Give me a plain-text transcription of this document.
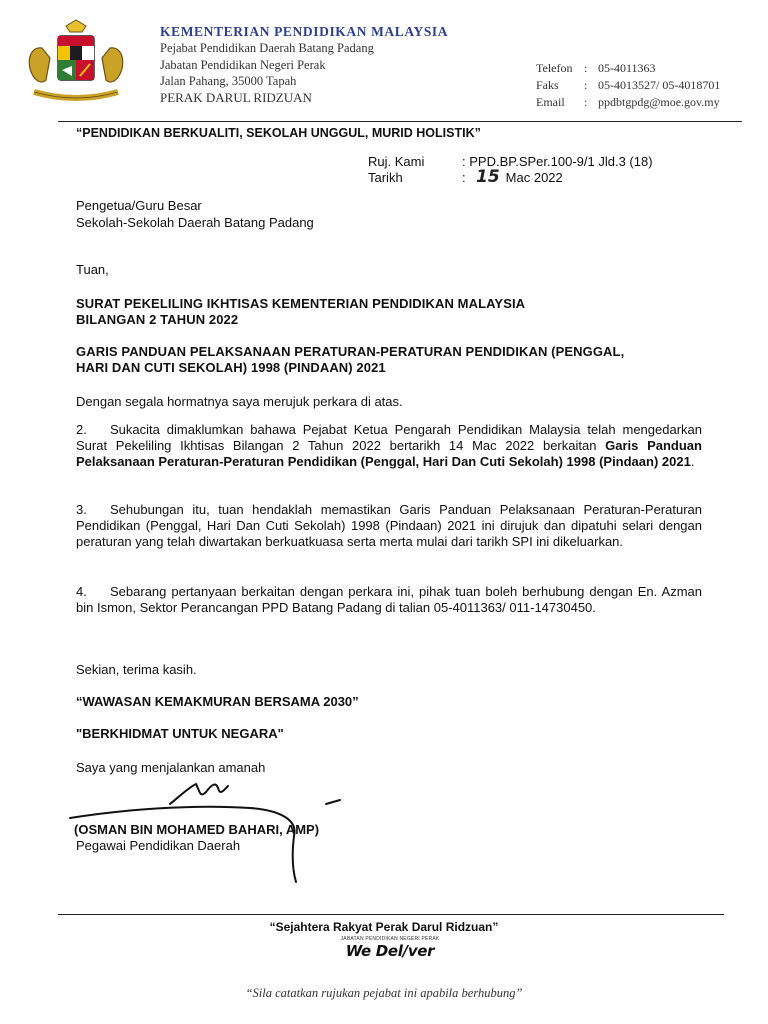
KEMENTERIAN PENDIDIKAN MALAYSIA
Pejabat Pendidikan Daerah Batang Padang
Jabatan Pendidikan Negeri Perak
Jalan Pahang, 35000 Tapah
PERAK DARUL RIDZUAN
Telefon : 05-4011363
Faks	: 05-4013527/ 05-4018701
Email	: ppdbtgpdg@moe.gov.my
“PENDIDIKAN BERKUALITI, SEKOLAH UNGGUL, MURID HOLISTIK”
Ruj. Kami	: PPD.BP.SPer.100-9/1 Jld.3 (18)
Tarikh	: 15 Mac 2022
Pengetua/Guru Besar
Sekolah-Sekolah Daerah Batang Padang
Tuan,
SURAT PEKELILING IKHTISAS KEMENTERIAN PENDIDIKAN MALAYSIA
BILANGAN 2 TAHUN 2022
GARIS PANDUAN PELAKSANAAN PERATURAN-PERATURAN PENDIDIKAN (PENGGAL,
HARI DAN CUTI SEKOLAH) 1998 (PINDAAN) 2021
Dengan segala hormatnya saya merujuk perkara di atas.
2. Sukacita dimaklumkan bahawa Pejabat Ketua Pengarah Pendidikan Malaysia telah mengedarkan Surat Pekeliling Ikhtisas Bilangan 2 Tahun 2022 bertarikh 14 Mac 2022 berkaitan Garis Panduan Pelaksanaan Peraturan-Peraturan Pendidikan (Penggal, Hari Dan Cuti Sekolah) 1998 (Pindaan) 2021.
3. Sehubungan itu, tuan hendaklah memastikan Garis Panduan Pelaksanaan Peraturan-Peraturan Pendidikan (Penggal, Hari Dan Cuti Sekolah) 1998 (Pindaan) 2021 ini dirujuk dan dipatuhi selari dengan peraturan yang telah diwartakan berkuatkuasa serta merta mulai dari tarikh SPI ini dikeluarkan.
4. Sebarang pertanyaan berkaitan dengan perkara ini, pihak tuan boleh berhubung dengan En. Azman bin Ismon, Sektor Perancangan PPD Batang Padang di talian 05-4011363/ 011-14730450.
Sekian, terima kasih.
“WAWASAN KEMAKMURAN BERSAMA 2030”
"BERKHIDMAT UNTUK NEGARA"
Saya yang menjalankan amanah
(OSMAN BIN MOHAMED BAHARI, AMP)
Pegawai Pendidikan Daerah
“Sejahtera Rakyat Perak Darul Ridzuan”
JABATAN PENDIDIKAN NEGERI PERAK
We Del/ver
“Sila catatkan rujukan pejabat ini apabila berhubung”
